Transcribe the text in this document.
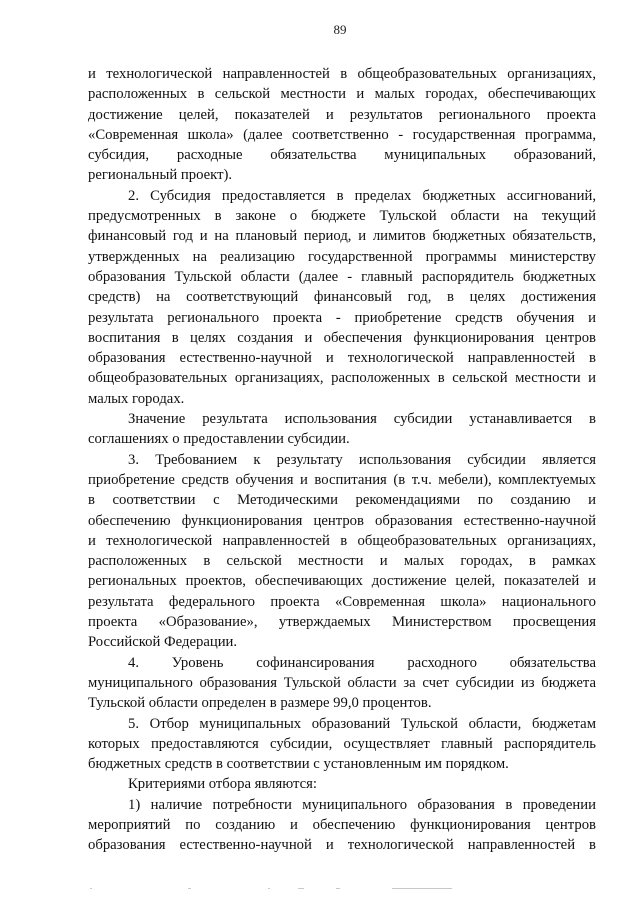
89

и технологической направленностей в общеобразовательных организациях,

расположенных в сельской местности и малых городах, обеспечивающих

достижение целей, показателей и результатов регионального проекта

«Современная школа» (далее соответственно - государственная программа,

субсидия, расходные обязательства муниципальных образований,

региональный проект).

2. Субсидия предоставляется в пределах бюджетных ассигнований,

предусмотренных в законе о бюджете Тульской области на текущий

финансовый год и на плановый период, и лимитов бюджетных обязательств,

утвержденных на реализацию государственной программы министерству

образования Тульской области (далее - главный распорядитель бюджетных

средств) на соответствующий финансовый год, в целях достижения

результата регионального проекта - приобретение средств обучения и

воспитания в целях создания и обеспечения функционирования центров

образования естественно-научной и технологической направленностей в

общеобразовательных организациях, расположенных в сельской местности и

малых городах.

Значение результата использования субсидии устанавливается в

соглашениях о предоставлении субсидии.

3. Требованием к результату использования субсидии является

приобретение средств обучения и воспитания (в т.ч. мебели), комплектуемых

в соответствии с Методическими рекомендациями по созданию и

обеспечению функционирования центров образования естественно-научной

и технологической направленностей в общеобразовательных организациях,

расположенных в сельской местности и малых городах, в рамках

региональных проектов, обеспечивающих достижение целей, показателей и

результата федерального проекта «Современная школа» национального

проекта «Образование», утверждаемых Министерством просвещения

Российской Федерации.

4. Уровень софинансирования расходного обязательства

муниципального образования Тульской области за счет субсидии из бюджета

Тульской области определен в размере 99,0 процентов.

5. Отбор муниципальных образований Тульской области, бюджетам

которых предоставляются субсидии, осуществляет главный распорядитель

бюджетных средств в соответствии с установленным им порядком.

Критериями отбора являются:

1) наличие потребности муниципального образования в проведении

мероприятий по созданию и обеспечению функционирования центров

образования естественно-научной и технологической направленностей в
